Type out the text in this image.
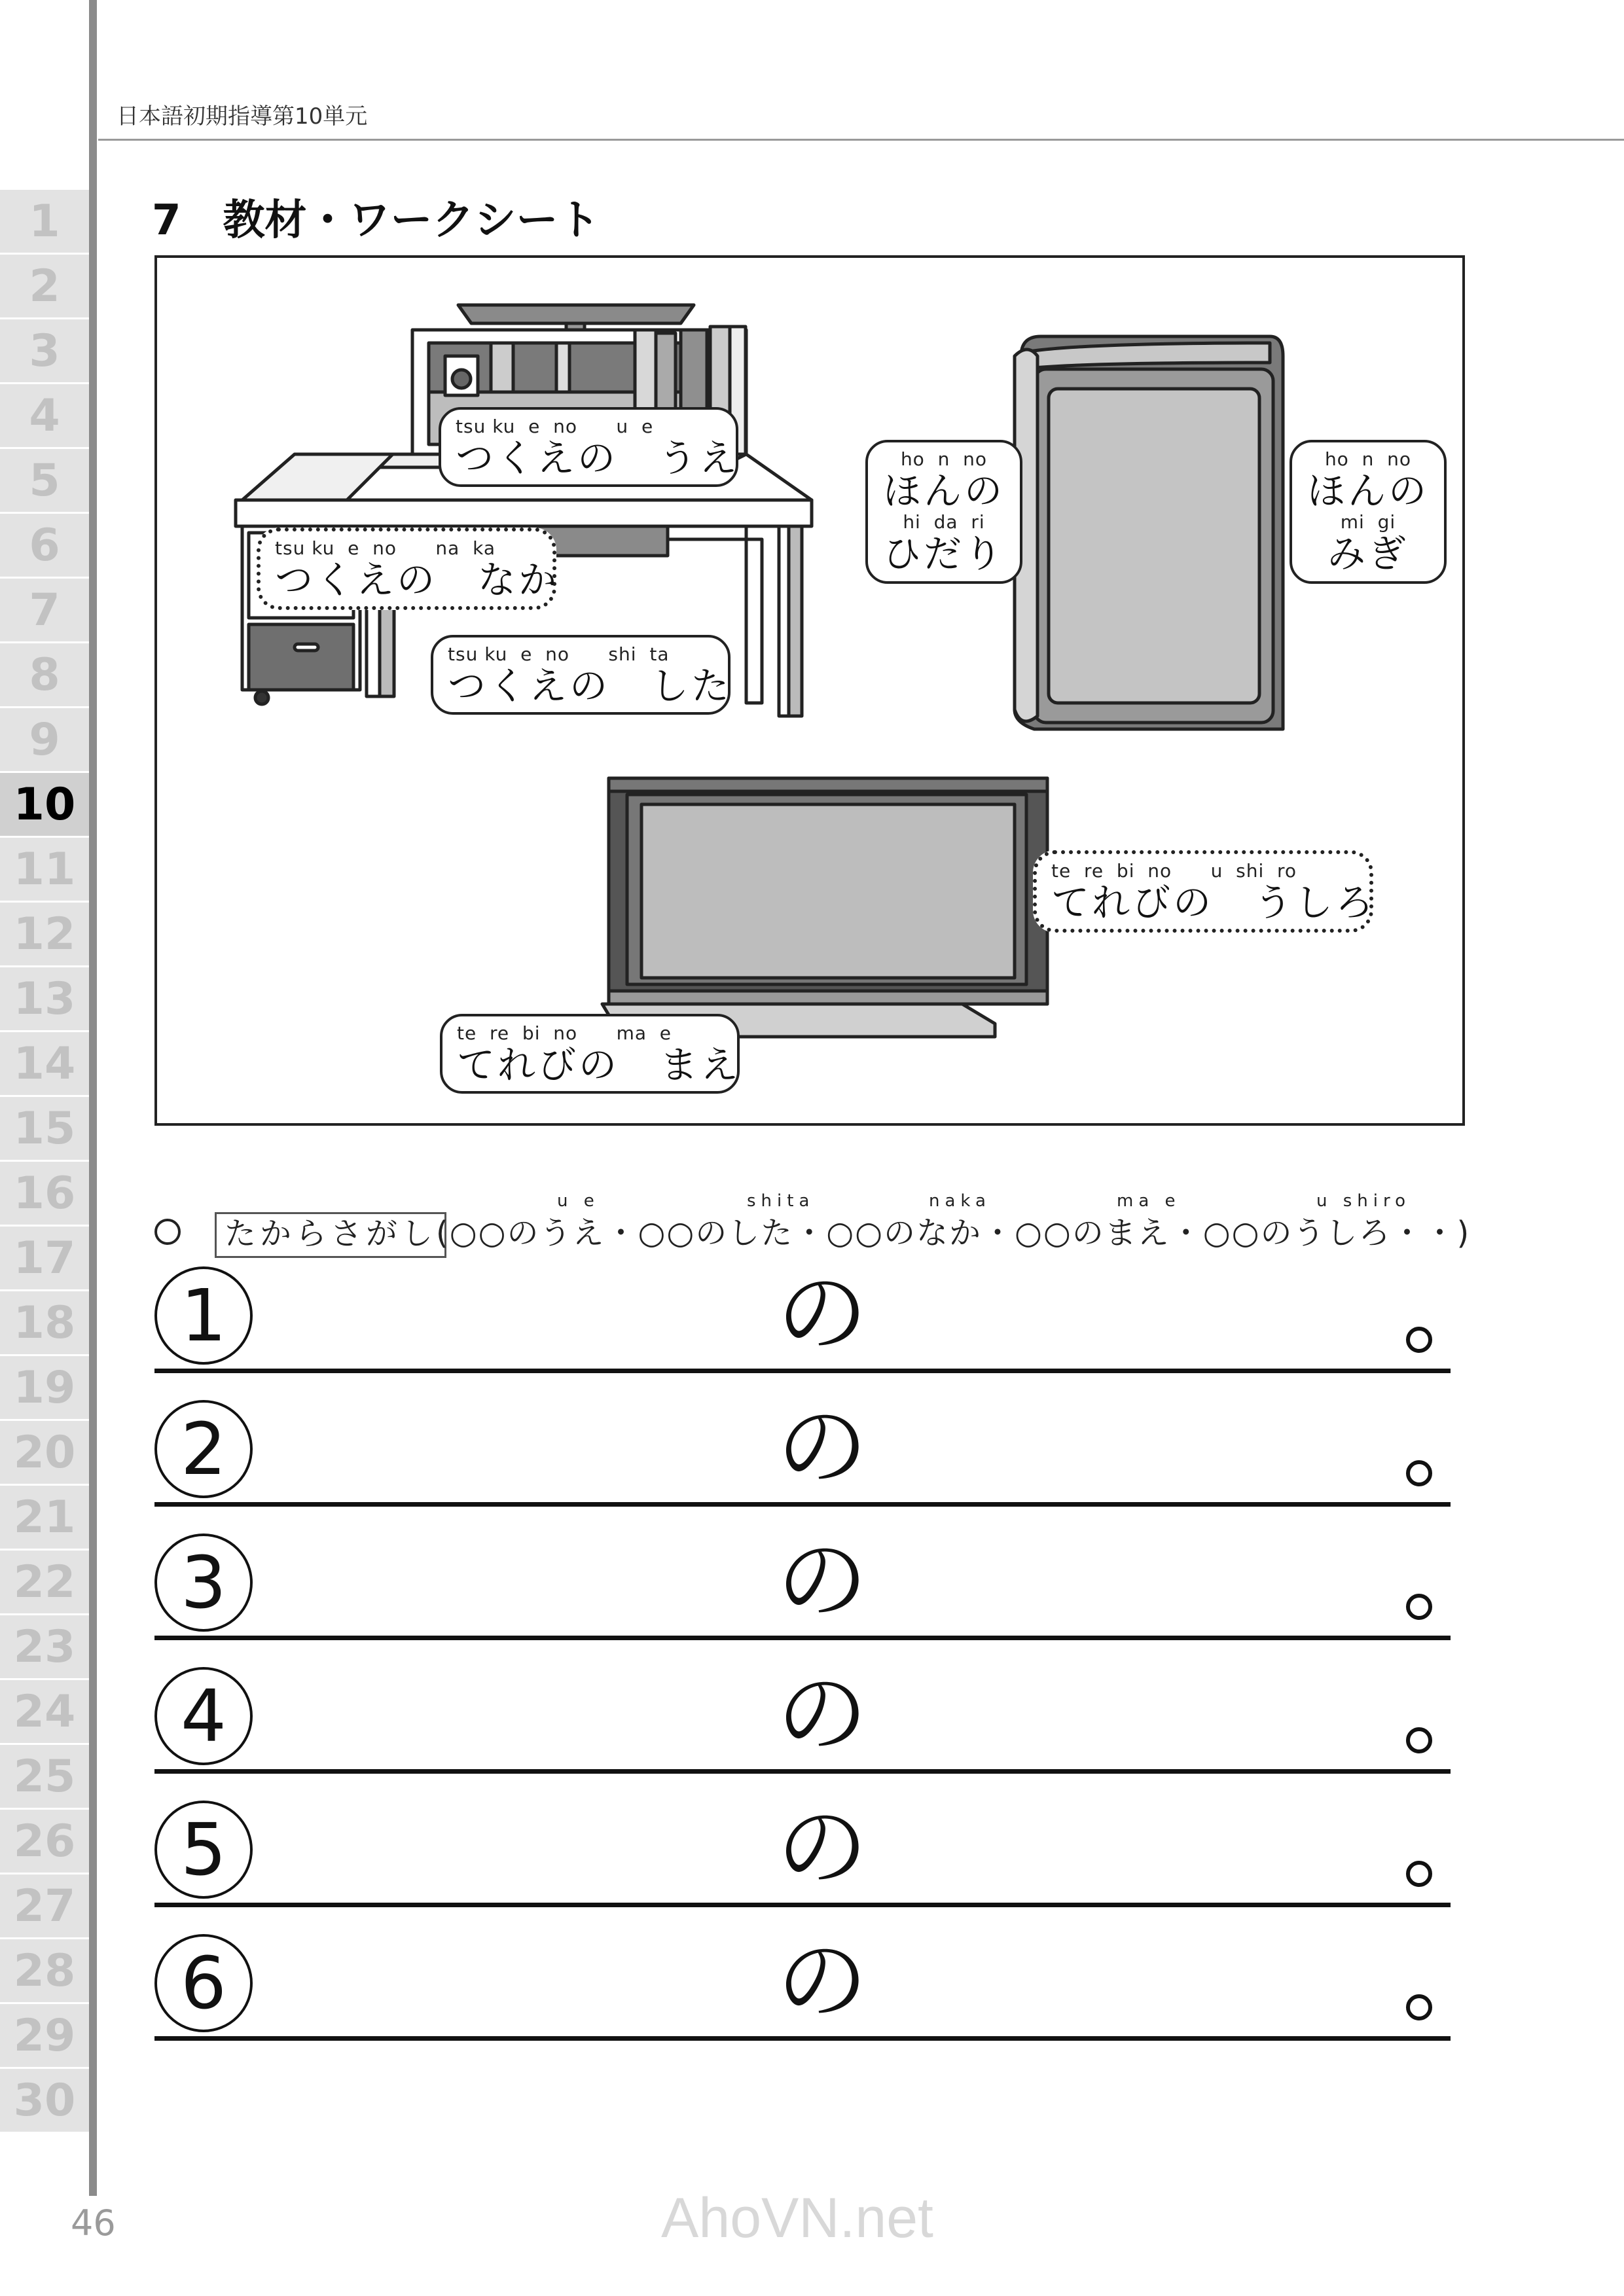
1
2
3
4
5
6
7
8
9
10
11
12
13
14
15
16
17
18
19
20
21
22
23
24
25
26
27
28
29
30
日本語初期指導第10単元
7　教材・ワークシート
tsu ku  e  no      u  e
つくえの　うえ
tsu ku  e  no      na  ka
つくえの　なか
tsu ku  e  no      shi  ta
つくえの　した
ho  n  no
ほんの
hi  da  ri
ひだり
ho  n  no
ほんの
mi  gi
みぎ
te  re  bi  no      u  shi  ro
てれびの　うしろ
te  re  bi  no      ma  e
てれびの　まえ
たからさがし
u e	shita	naka	ma e	u shiro
(○○のうえ・○○のした・○○のなか・○○のまえ・○○のうしろ・・)
1	の
2	の
3	の
4	の
5	の
6	の
46	AhoVN.net
